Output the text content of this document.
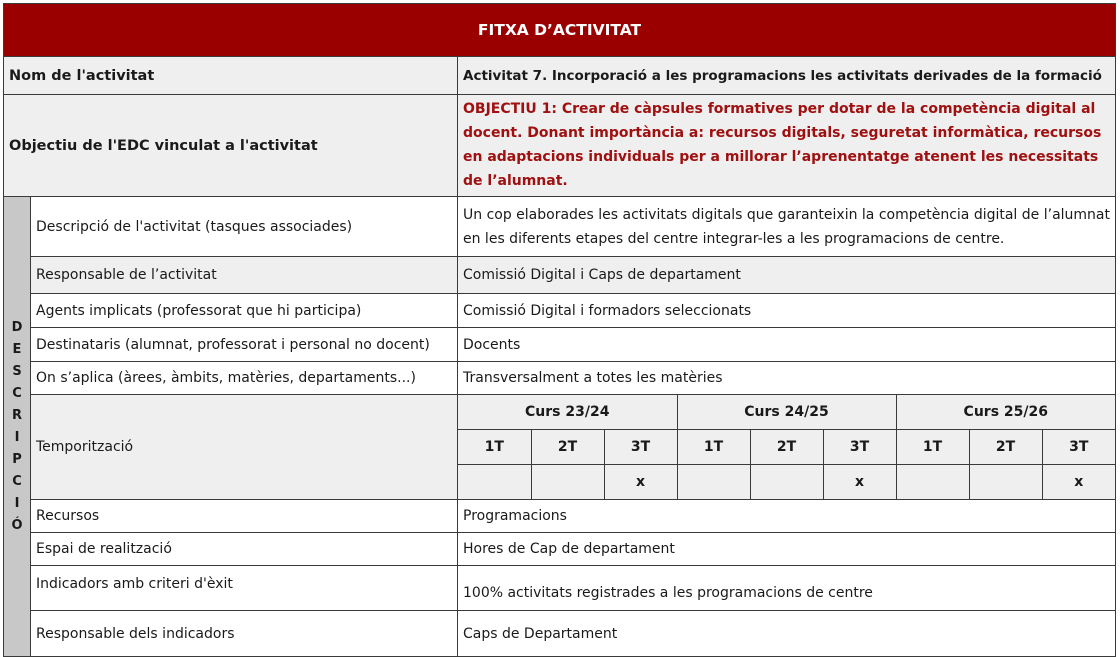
FITXA D’ACTIVITAT
Nom de l'activitat	Activitat 7. Incorporació a les programacions les activitats derivades de la formació
Objectiu de l'EDC vinculat a l'activitat	OBJECTIU 1: Crear de càpsules formatives per dotar de la competència digital al docent. Donant importància a: recursos digitals, seguretat informàtica, recursos en adaptacions individuals per a millorar l’aprenentatge atenent les necessitats de l’alumnat.

D
E
S
C
R
I
P
C
I
Ó
	Descripció de l'activitat (tasques associades)	Un cop elaborades les activitats digitals que garanteixin la competència digital de l’alumnat en les diferents etapes del centre integrar-les a les programacions de centre.
Responsable de l’activitat	Comissió Digital i Caps de departament
Agents implicats (professorat que hi participa)	Comissió Digital i formadors seleccionats
Destinataris (alumnat, professorat i personal no docent)	Docents
On s’aplica (àrees, àmbits, matèries, departaments...)	Transversalment a totes les matèries
Temporització	
Curs 23/24	Curs 24/25	Curs 25/26
1T	2T	3T	1T	2T	3T	1T	2T	3T
		x			x			x

Recursos	Programacions
Espai de realització	Hores de Cap de departament
Indicadors amb criteri d'èxit	100% activitats registrades a les programacions de centre
Responsable dels indicadors	Caps de Departament
